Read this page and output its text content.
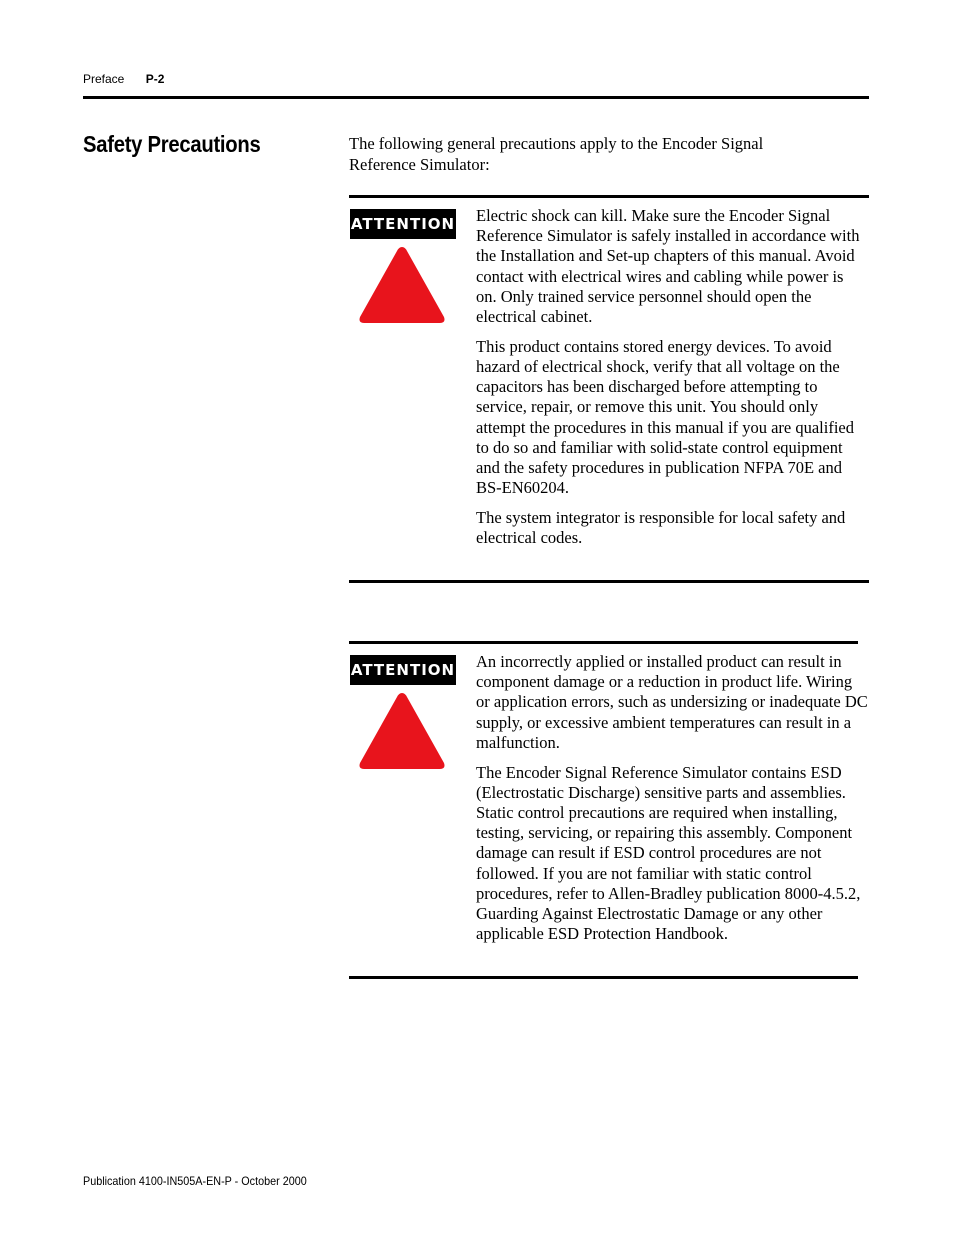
Preface P-2
Safety Precautions	The following general precautions apply to the Encoder Signal Reference Simulator:
ATTENTION Electric shock can kill. Make sure the Encoder Signal Reference Simulator is safely installed in accordance with the Installation and Set-up chapters of this manual. Avoid contact with electrical wires and cabling while power is on. Only trained service personnel should open the electrical cabinet.

This product contains stored energy devices. To avoid hazard of electrical shock, verify that all voltage on the capacitors has been discharged before attempting to service, repair, or remove this unit. You should only attempt the procedures in this manual if you are qualified to do so and familiar with solid-state control equipment and the safety procedures in publication NFPA 70E and BS-EN60204.

The system integrator is responsible for local safety and electrical codes.

ATTENTION An incorrectly applied or installed product can result in component damage or a reduction in product life. Wiring or application errors, such as undersizing or inadequate DC supply, or excessive ambient temperatures can result in a malfunction.

The Encoder Signal Reference Simulator contains ESD (Electrostatic Discharge) sensitive parts and assemblies. Static control precautions are required when installing, testing, servicing, or repairing this assembly. Component damage can result if ESD control procedures are not followed. If you are not familiar with static control procedures, refer to Allen-Bradley publication 8000-4.5.2, Guarding Against Electrostatic Damage or any other applicable ESD Protection Handbook.

Publication 4100-IN505A-EN-P - October 2000
